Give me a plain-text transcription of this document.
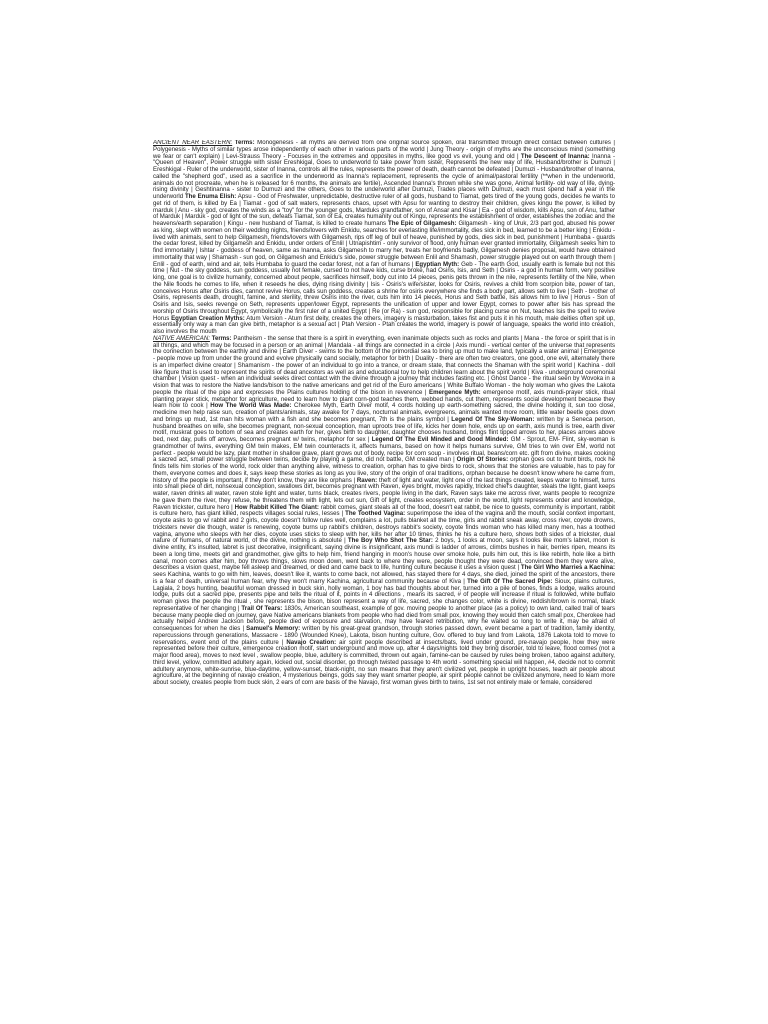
ANCIENT NEAR EASTERN: Terms: Monogenesis - all myths are derived from one original source spoken, oral transmitted through direct contact between cultures | Polygenesis - Myths of similar types arose independently of each other in various parts of the world | Jung Theory - origin of myths are the unconscious mind (something we fear or can't explain) | Levi-Strauss Theory - Focuses in the extremes and opposites in myths, like good vs evil, young and old | The Descent of Inanna: Inanna - "Queen of Heaven", Power struggle with sister Ereshkigal, Goes to underworld to take power from sister, Represents the new way of life, Husband/brother is Dumuzi | Ereshkigal - Ruler of the underworld, sister of Inanna, controls all the rules, represents the power of death, death cannot be defeated | Dumuzi - Husband/brother of Inanna, called the "shepherd god", used as a sacrifice in the underworld as Inanna's replacement, represents the cycle of animal/pastoral fertility (**when in the underworld, animals do not procreate, when he is released for 6 months, the animals are fertile), Ascended Inanna's thrown while she was gone, Animal fertility- old way of life, dying-rising divinity | Geshtinanna - sister to Dumuzi and the others, Goes to the underworld after Dumuzi, Trades places with Dumuzi, each must spend half a year in the underworld The Enuma Elish: Apsu - God of Freshwater, unpredictable, destructive ruler of all gods, husband to Tiamat, gets tired of the young gods, decides he wants to get rid of them, is killed by Ea | Tiamat - god of salt waters, represents chaos, upset with Apsu for wanting to destroy their children, gives kingu the power, is killed by marduk | Anu - sky god, creates the winds as a "toy" for the younger gods, Marduks grandfather, son of Ansar and Kisar | Ea - god of wisdom, kills Apsu, son of Anu, father of Marduk | Marduk - god of light of the sun, defeats Tiamat, son of Ea, creates humanity out of Kingu, represents the establishment of order, establishes the zodiac and the heavens/earth separation | Kingu - new husband of Tiamat, is killed to create humans The Epic of Gilgamesh: Gilgamesh - king of Uruk, 2/3 part god, abused his power as king, slept with women on their wedding nights, friends/lovers with Enkidu, searches for everlasting life/immortality, dies sick in bed, learned to be a better king | Enkidu - lived with animals, sent to help Gilgamesh, friends/lovers with Gilgamesh, rips off leg of bull of heave, punished by gods, dies sick in bed, punishment | Humbaba - guards the cedar forest, killed by Gilgamesh and Enkidu, under orders of Enlil | Utnapishtim - only survivor of flood, only human ever granted immortality, Gilgamesh seeks him to find immortality | Ishtar - goddess of heaven, same as Inanna, asks Gilgamesh to marry her, treats her boyfriends badly, Gilgamesh denies proposal, would have obtained immortality that way | Shamash - sun god, on Gilgamesh and Enkidu's side, power struggle between Enlil and Shamash, power struggle played out on earth through them | Enlil - god of earth, wind and air, tells Humbaba to guard the cedar forest, not a fan of humans | Egyptian Myth: Geb - The earth God, usually earth is female but not this time | Nut - the sky goddess, sun goddess, usually not female, cursed to not have kids, curse broke, had Osiris, Isis, and Seth | Osiris - a god in human form, very positive king, one goal is to civilize humanity, concerned about people, sacrifices himself, body cut into 14 pieces, penis gets thrown in the nile, represents fertility of the Nile, when the Nile floods he comes to life, when it reseeds he dies, dying rising divinity | Isis - Osiris's wife/sister, looks for Osiris, revives a child from scorpion bite, power of tan, conceives Horus after Osiris dies, cannot revive Horus, calls sun goddess, creates a shrine for osiris everywhere she finds a body part, allows seth to live | Seth - brother of Osiris, represents death, drought, famine, and sterility, threw Osiris into the river, cuts him into 14 pieces, Horus and Seth battle, Isis allows him to live | Horus - Son of Osiris and Isis, seeks revenge on Seth, represents upper/lower Egypt, represents the unification of upper and lower Egypt, comes to power after Isis has spread the worship of Osiris throughout Egypt, symbolically the first ruler of a united Egypt | Re (or Ra) - sun god, responsible for placing curse on Nut, teaches Isis the spell to revive Horus Egyptian Creation Myths: Atum Version - Atum first deity, creates the others, imagery is masturbation, takes fist and puts it in his mouth, male deities often spit up, essentially only way a man can give birth, metaphor is a sexual act | Ptah Version - Ptah creates the world, imagery is power of language, speaks the world into creation, also involves the mouth

NATIVE AMERICAN: Terms: Pantheism - the sense that there is a spirit in everything, even inanimate objects such as rocks and plants | Mana - the force or spirit that is in all things, and which may be focused in a person or an animal | Mandala - all things are connected in a circle | Axis mundi - vertical center of the universe that represents the connection between the earthly and divine | Earth Diver - swims to the bottom of the primordial sea to bring up mud to make land, typically a water animal | Emergence - people move up from under the ground and evolve physically cand socially, metaphor for birth | Duality - there are often two creators, one good, one evil, alternately there is an imperfect divine creator | Shamanism - the power of an individual to go into a trance, or dream state, that connects the Shaman with the spirit world | Kachina - doll like figure that is used to represent the spirits of dead ancestors as well as and educational toy to help children learn about the spirit world | Kiva - underground ceremonial chamber | Vision quest - when an individual seeks direct contact with the divine through a journey that includes fasting etc. | Ghost Dance - the ritual seen by Wovoka in a vision that was to restore the Native lands/bison to the native americans and get rid of the Euro americans | White Buffalo Woman - the holy woman who gives the Lakota people the ritual of the pipe and expresses the Plains cultures holding of the bison in reverence | Emergence Myth: emergence motif, axis mundi-prayer stick, ritual planting prayer stick, metaphor for agriculture, need to learn how to plant corn-god teaches them, webbed hands, cut them, represents social development because they learn how to cook | How The World Was Made: Cherokee Myth, Earth Diver motif, 4 cords holding up earth-something sacred, the divine holding it, sun too close, medicine men help raise sun, creation of plants/animals, stay awake for 7 days, nocturnal animals, evergreens, animals wanted more room, little water beetle goes down and brings up mud, 1st man hits woman with a fish and she becomes pregnant, 7th is the plains symbol | Legend Of The Sky-Woman: written by a Seneca person, husband breathes on wife, she becomes pregnant, non-sexual conception, man uproots tree of life, kicks her down hole, ends up on earth, axis mundi is tree, earth diver motif, muskrat goes to bottom of sea and creates earth for her, gives birth to daughter, daughter chooses husband, brings flint tipped arrows to her, places arrows above bed, next day, pulls off arrows, becomes pregnant w/ twins, metaphor for sex | Legend Of The Evil Minded and Good Minded: GM - Sprout, EM- Flint, sky-woman is grandmother of twins, everything GM twin makes, EM twin counteracts it, affects humans, based on how it helps humans survive, GM tries to win over EM, world not perfect - people would be lazy, plant mother in shallow grave, plant grows out of body, recipe for corn soup - involves ritual, beans/corn etc. gift from divine, makes cooking a sacred act, small power struggle between twins, decide by playing a game, did not battle, GM created man | Origin Of Stories: orphan goes out to hunt birds, rock he finds tells him stories of the world, rock older than anything alive, witness to creation, orphan has to give birds to rock, shows that the stories are valuable, has to pay for them, everyone comes and does it, says keep these stories as long as you live, story of the origin of oral traditions, orphan because he doesn't know where he came from, history of the people is important, if they don't know, they are like orphans | Raven: theft of light and water, light one of the last things created, keeps water to himself, turns into small piece of dirt, nonsexual conception, swallows dirt, becomes pregnant with Raven, eyes bright, moves rapidly, tricked chief's daughter, steals the light, giant keeps water, raven drinks all water, raven stole light and water, turns black, creates rivers, people living in the dark, Raven says take me across river, wants people to recognize he gave them the river, they refuse, he threatens them with light, lets out sun, Gift of light, creates ecosystem, order in the world, light represents order and knowledge, Raven trickster, culture hero | How Rabbit Killed The Giant: rabbit comes, giant steals all of the food, doesn't eat rabbit, be nice to guests, community is important, rabbit is culture hero, has giant killed, respects villages social rules, Iesses | The Toothed Vagina: superimpose the idea of the vagina and the mouth, social context important, coyote asks to go w/ rabbit and 2 girls, coyote doesn't follow rules well, complains a lot, pulls blanket all the time, girls and rabbit sneak away, cross river, coyote drowns, tricksters never die though, water is renewing, coyote burns up rabbit's children, destroys rabbit's society, coyote finds woman who has killed many men, has a toothed vagina, anyone who sleeps with her dies, coyote uses sticks to sleep with her, kills her after 10 times, thinks he his a culture hero, shows both sides of a trickster, dual nature of humans, of natural world, of the divine, nothing is absolute | The Boy Who Shot The Star: 2 boys, 1 looks at moon, says it looks like mom's labret, moon is divine entity, it's insulted, labret is just decorative, insignificant, saying divine is insignificant, axis mundi is ladder of arrows, climbs bushes in hair, berries ripen, means its been a long time, meets girl and grandmother, give gifts to help him, friend hanging in moon's house over smoke hole, pulls him out, this is like rebirth, hole like a birth canal, moon comes after him, boy throws things, slows moon down, went back to where they were, people thought they were dead, convinced them they were alive, describes a vision quest, maybe fell asleep and dreamed, or died and came back to life, hunting culture because it uses a vision quest | The Girl Who Marries a Kachina: sees Kachina, wants to go with him, leaves, doesn't like it, wants to come back, not allowed, has stayed there for 4 days, she died, joined the spirit of the ancestors, there is a fear of death, universal human fear, why they won't marry Kachina, agricultural community because of Kiva | The Gift Of The Sacred Pipe: Sioux, plains cultures, Lagiala, 2 boys hunting, beautiful woman dressed in buck skin, holly woman, 1 boy has bad thoughts about her, turned into a pile of bones, finds a lodge, walks around lodge, pulls out a sacred pipe, presents pipe and tells the ritual of it, points in 4 directions , means its sacred, # of people will increase if ritual is followed, white buffalo woman gives the people the ritual , she represents the bison, bison represent a way of life, sacred, she changes color, white is divine, reddish/brown is normal, black representative of her changing | Trail Of Tears: 1830s, American southeast, example of gov. moving people to another place (as a policy) to own land, called trail of tears because many people died on journey, gave Native americans blankets from people who had died from small pox, knowing they would then catch small pox, Cherokee had actually helped Andrew Jackson before, people died of exposure and starvation, may have feared retribution, why he waited so long to write it, may be afraid of consequences for when he dies | Samuel's Memory: written by his great-great grandson, through stories passed down, event became a part of tradition, family identity, repercussions through generations, Massacre - 1890 (Wounded Knee), Lakota, bison hunting culture, Gov. offered to buy land from Lakota, 1876 Lakota told to move to reservations, event end of the plains culture | Navajo Creation: air spirit people described at insects/bats, lived under ground, pre-navajo people, how they were represented before their culture, emergence creation motif, start underground and move up, after 4 days/nights told they bring disorder, told to leave, flood comes (not a major flood area), moves to next level , swallow people, blue, adultery is committed, thrown out again, famine-can be caused by rules being broken, taboo against adultery, third level, yellow, committed adultery again, kicked out, social disorder, go through twisted passage to 4th world - something special will happen, #4, decide not to commit adultery anymore, white-sunrise, blue-daytime, yellow-sunset, black-night, no sun means that they aren't civilized yet, people in upright houses, teach air people about agriculture, at the beginning of navajo creation, 4 mysterious beings, gods say they want smarter people, air spirit people cannot be civilized anymore, need to learn more about society, creates people from buck skin, 2 ears of corn are basis of the Navajo, first woman gives birth to twins, 1st set not entirely male or female, considered
